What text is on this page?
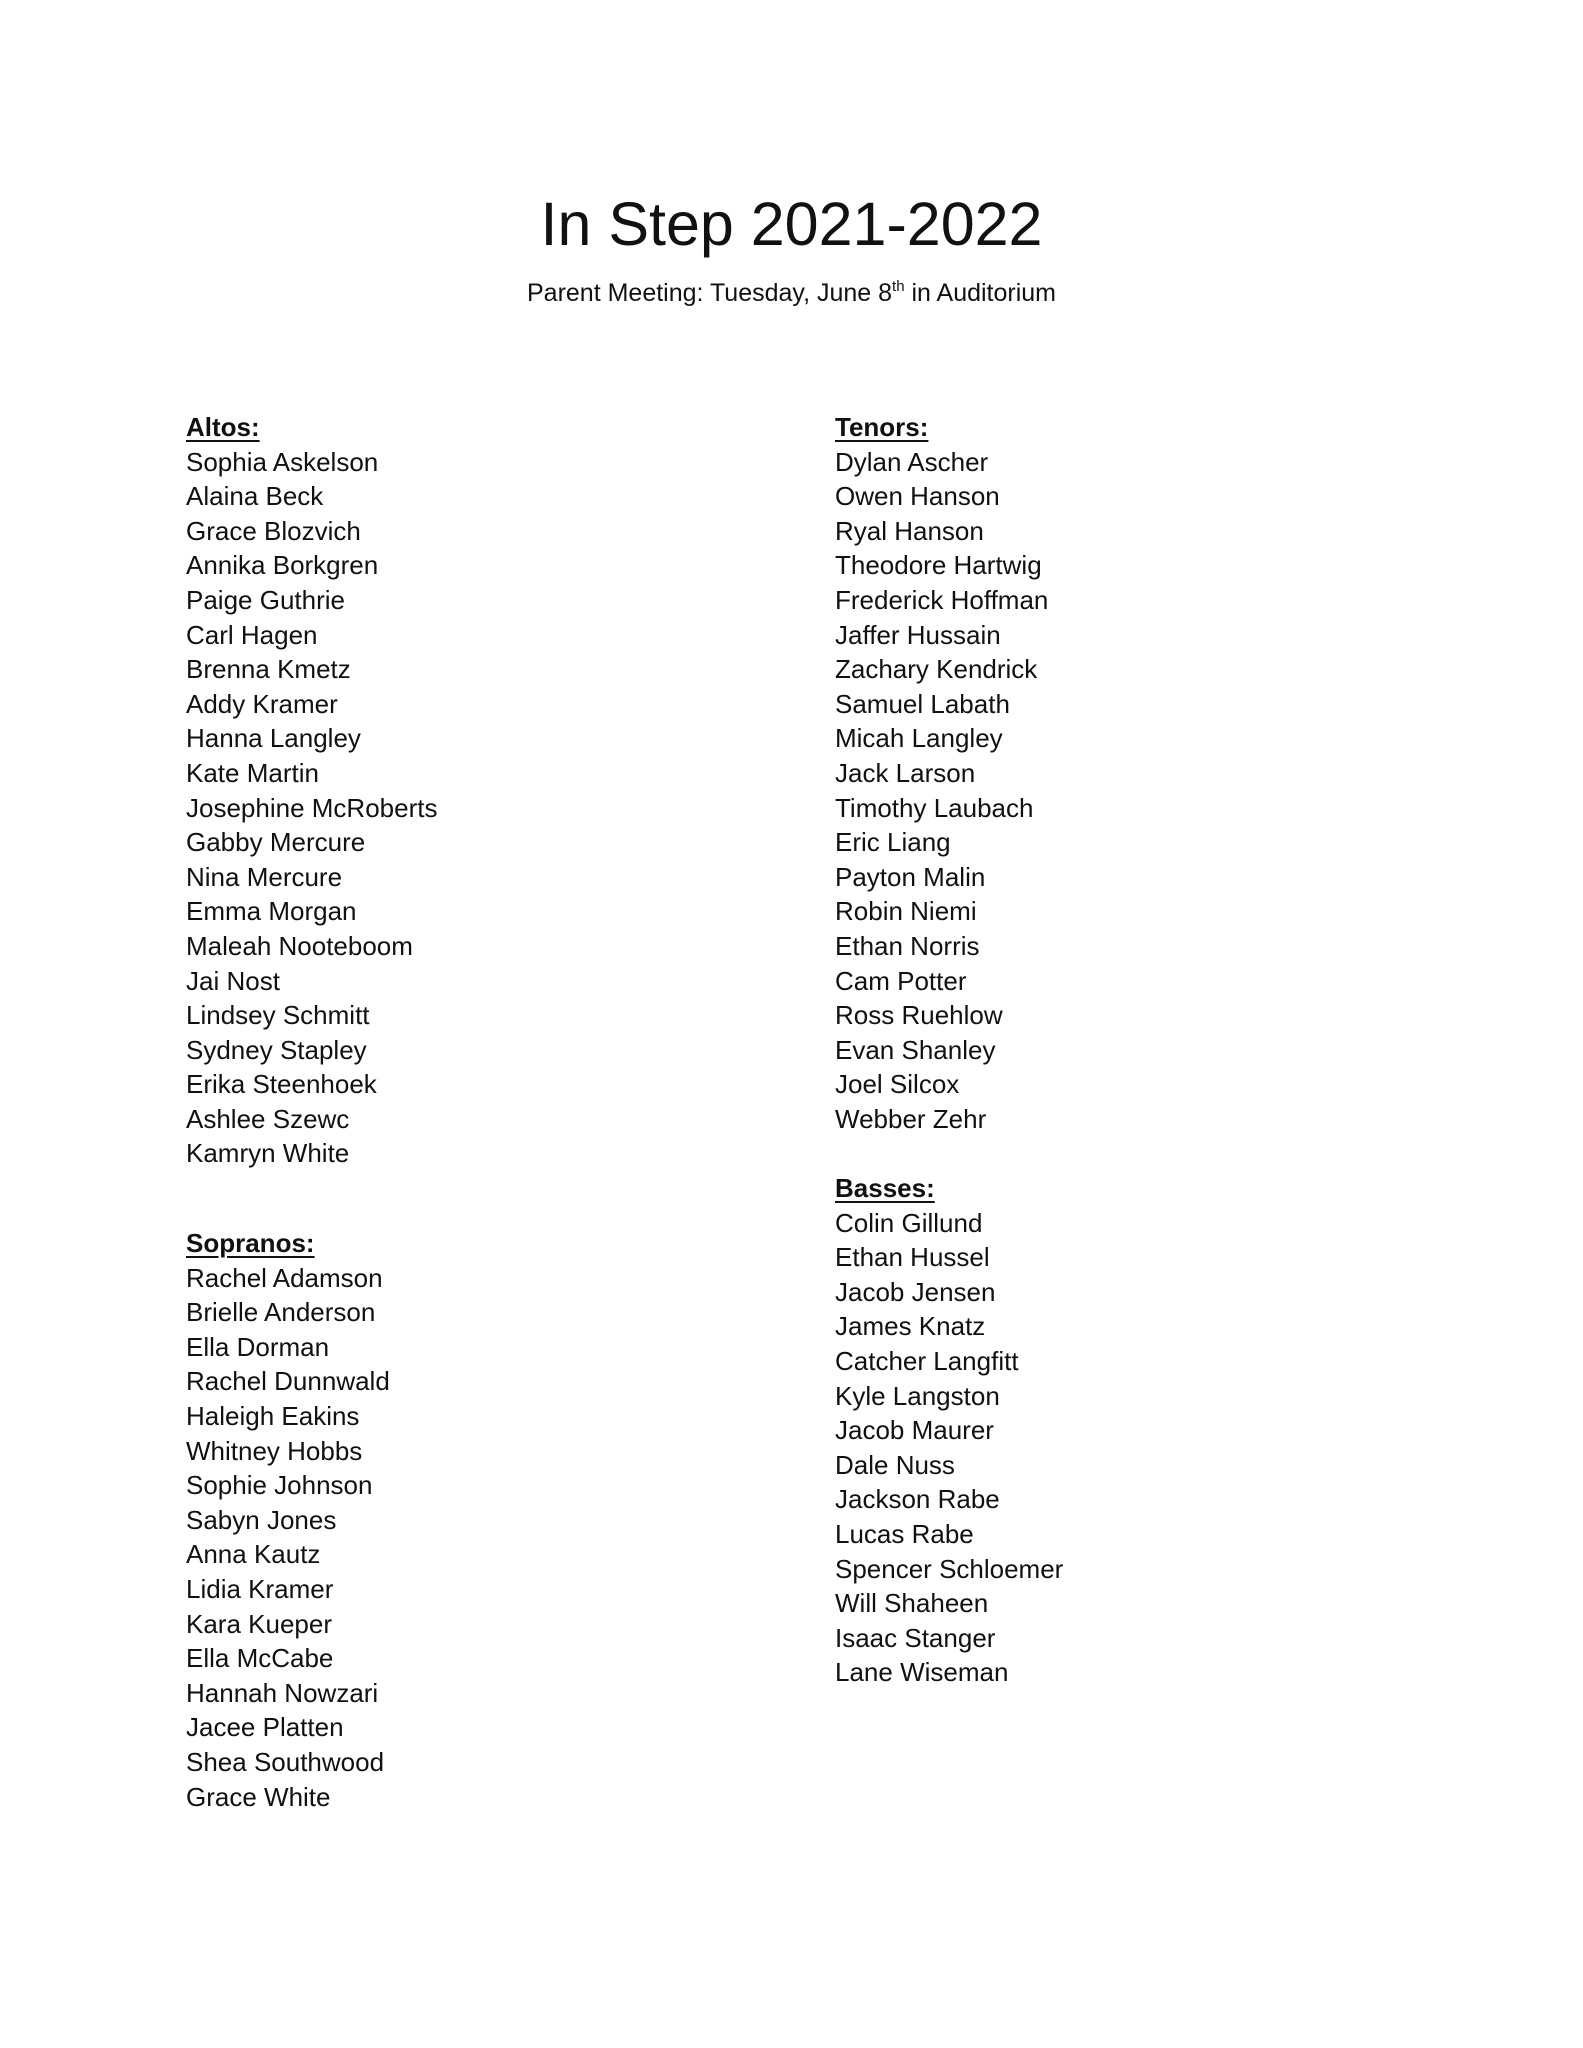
In Step 2021-2022
Parent Meeting: Tuesday, June 8th in Auditorium
Altos:
Sophia Askelson
Alaina Beck
Grace Blozvich
Annika Borkgren
Paige Guthrie
Carl Hagen
Brenna Kmetz
Addy Kramer
Hanna Langley
Kate Martin
Josephine McRoberts
Gabby Mercure
Nina Mercure
Emma Morgan
Maleah Nooteboom
Jai Nost
Lindsey Schmitt
Sydney Stapley
Erika Steenhoek
Ashlee Szewc
Kamryn White
Sopranos:
Rachel Adamson
Brielle Anderson
Ella Dorman
Rachel Dunnwald
Haleigh Eakins
Whitney Hobbs
Sophie Johnson
Sabyn Jones
Anna Kautz
Lidia Kramer
Kara Kueper
Ella McCabe
Hannah Nowzari
Jacee Platten
Shea Southwood
Grace White
Tenors:
Dylan Ascher
Owen Hanson
Ryal Hanson
Theodore Hartwig
Frederick Hoffman
Jaffer Hussain
Zachary Kendrick
Samuel Labath
Micah Langley
Jack Larson
Timothy Laubach
Eric Liang
Payton Malin
Robin Niemi
Ethan Norris
Cam Potter
Ross Ruehlow
Evan Shanley
Joel Silcox
Webber Zehr
Basses:
Colin Gillund
Ethan Hussel
Jacob Jensen
James Knatz
Catcher Langfitt
Kyle Langston
Jacob Maurer
Dale Nuss
Jackson Rabe
Lucas Rabe
Spencer Schloemer
Will Shaheen
Isaac Stanger
Lane Wiseman
